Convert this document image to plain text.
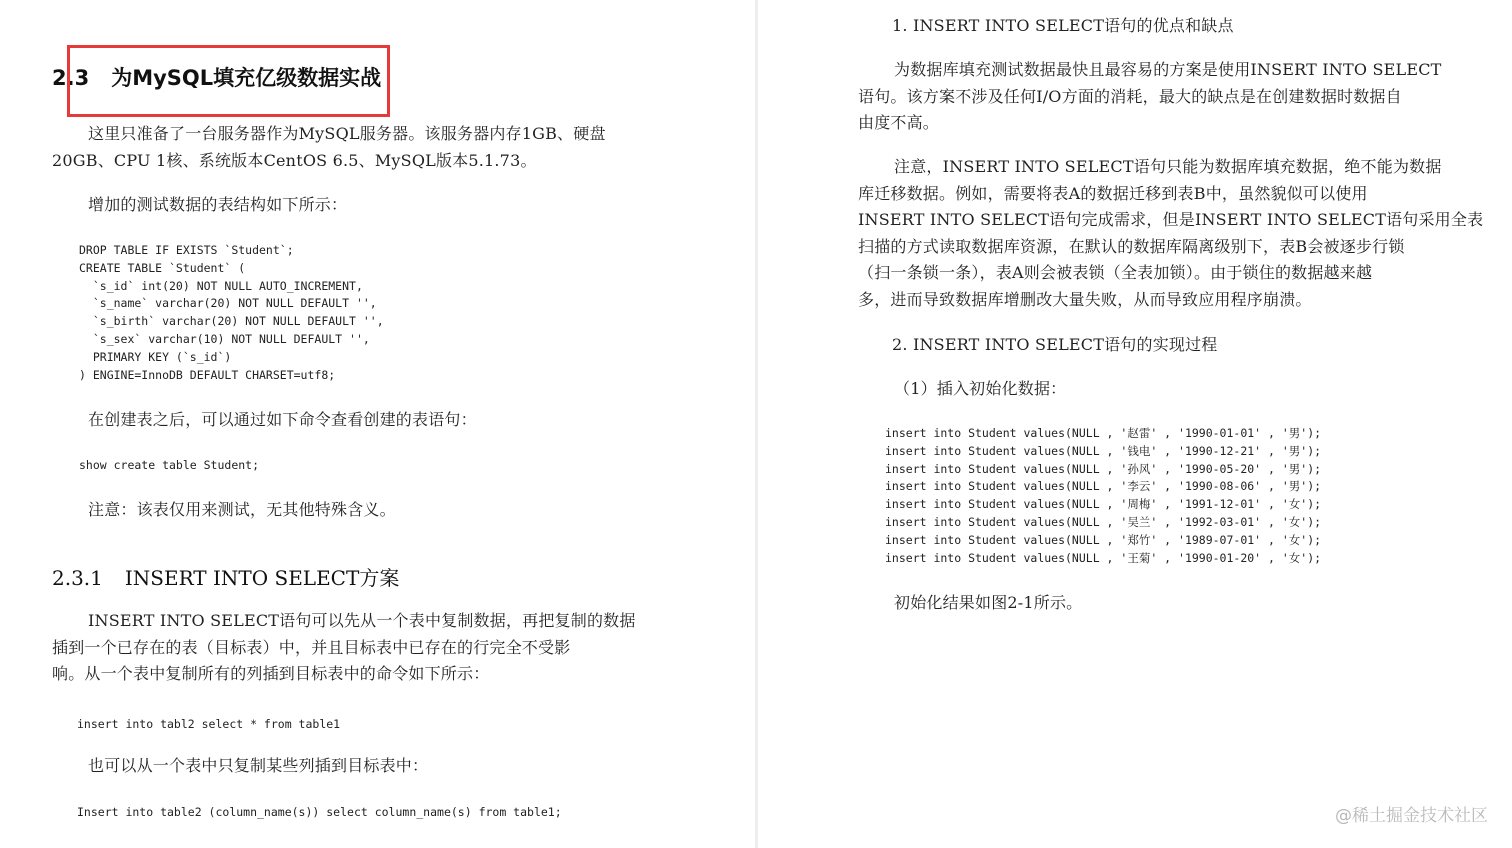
2.3 为MySQL填充亿级数据实战
这里只准备了一台服务器作为MySQL服务器。该服务器内存1GB、硬盘
20GB、CPU 1核、系统版本CentOS 6.5、MySQL版本5.1.73。
增加的测试数据的表结构如下所示：
DROP TABLE IF EXISTS `Student`;
CREATE TABLE `Student` (
`s_id` int(20) NOT NULL AUTO_INCREMENT,
`s_name` varchar(20) NOT NULL DEFAULT '',
`s_birth` varchar(20) NOT NULL DEFAULT '',
`s_sex` varchar(10) NOT NULL DEFAULT '',
PRIMARY KEY (`s_id`)
) ENGINE=InnoDB DEFAULT CHARSET=utf8;
在创建表之后，可以通过如下命令查看创建的表语句：
show create table Student;
注意：该表仅用来测试，无其他特殊含义。
2.3.1 INSERT INTO SELECT方案
INSERT INTO SELECT语句可以先从一个表中复制数据，再把复制的数据
插到一个已存在的表（目标表）中，并且目标表中已存在的行完全不受影
响。从一个表中复制所有的列插到目标表中的命令如下所示：
insert into tabl2 select * from table1
也可以从一个表中只复制某些列插到目标表中：
Insert into table2 (column_name(s)) select column_name(s) from table1;
1. INSERT INTO SELECT语句的优点和缺点
为数据库填充测试数据最快且最容易的方案是使用INSERT INTO SELECT
语句。该方案不涉及任何I/O方面的消耗，最大的缺点是在创建数据时数据自
由度不高。
注意，INSERT INTO SELECT语句只能为数据库填充数据，绝不能为数据
库迁移数据。例如，需要将表A的数据迁移到表B中，虽然貌似可以使用
INSERT INTO SELECT语句完成需求，但是INSERT INTO SELECT语句采用全表
扫描的方式读取数据库资源，在默认的数据库隔离级别下，表B会被逐步行锁
（扫一条锁一条），表A则会被表锁（全表加锁）。由于锁住的数据越来越
多，进而导致数据库增删改大量失败，从而导致应用程序崩溃。
2. INSERT INTO SELECT语句的实现过程
（1）插入初始化数据：
insert into Student values(NULL , '赵雷' , '1990-01-01' , '男');
insert into Student values(NULL , '钱电' , '1990-12-21' , '男');
insert into Student values(NULL , '孙风' , '1990-05-20' , '男');
insert into Student values(NULL , '李云' , '1990-08-06' , '男');
insert into Student values(NULL , '周梅' , '1991-12-01' , '女');
insert into Student values(NULL , '吴兰' , '1992-03-01' , '女');
insert into Student values(NULL , '郑竹' , '1989-07-01' , '女');
insert into Student values(NULL , '王菊' , '1990-01-20' , '女');
初始化结果如图2-1所示。
@稀土掘金技术社区
